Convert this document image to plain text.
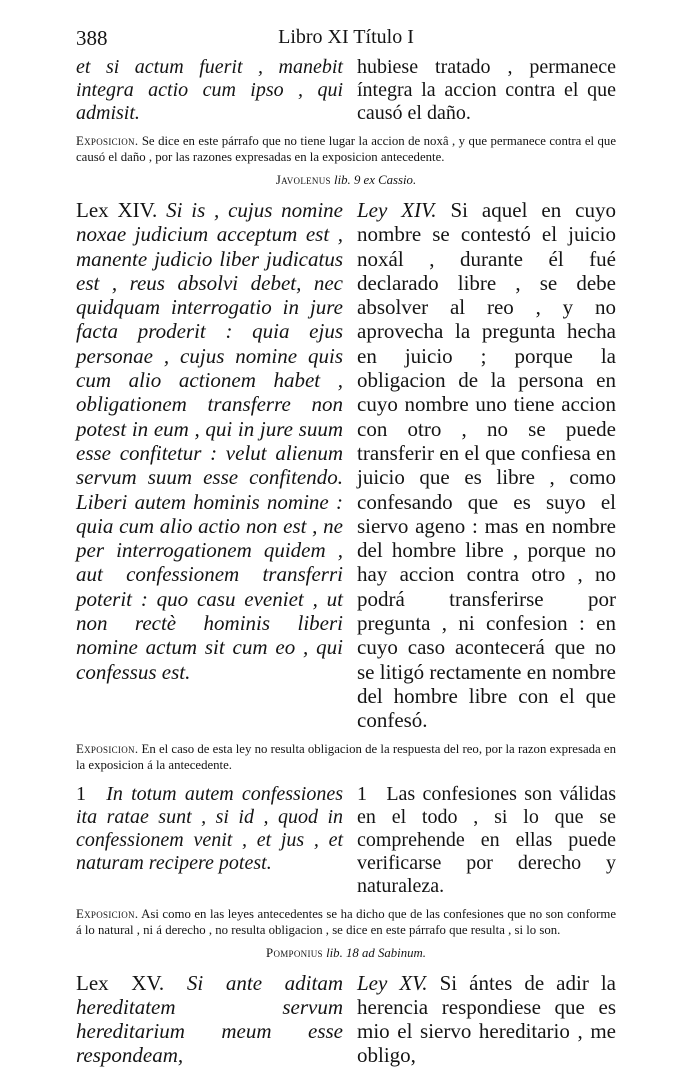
388	Libro XI Título I
et si actum fuerit , manebit integra actio cum ipso , qui admisit.
hubiese tratado , permanece íntegra la accion contra el que causó el daño.
Exposicion. Se dice en este párrafo que no tiene lugar la accion de noxâ , y que permanece contra el que causó el daño , por las razones expresadas en la exposicion antecedente.
Javolenus lib. 9 ex Cassio.
Lex XIV. Si is , cujus nomine noxae judicium acceptum est , manente judicio liber judicatus est , reus absolvi debet, nec quidquam interrogatio in jure facta proderit : quia ejus personae , cujus nomine quis cum alio actionem habet , obligationem transferre non potest in eum , qui in jure suum esse confitetur : velut alienum servum suum esse confitendo. Liberi autem hominis nomine : quia cum alio actio non est , ne per interrogationem quidem , aut confessionem transferri poterit : quo casu eveniet , ut non rectè hominis liberi nomine actum sit cum eo , qui confessus est.
Ley XIV. Si aquel en cuyo nombre se contestó el juicio noxál , durante él fué declarado libre , se debe absolver al reo , y no aprovecha la pregunta hecha en juicio ; porque la obligacion de la persona en cuyo nombre uno tiene accion con otro , no se puede transferir en el que confiesa en juicio que es libre , como confesando que es suyo el siervo ageno : mas en nombre del hombre libre , porque no hay accion contra otro , no podrá transferirse por pregunta , ni confesion : en cuyo caso acontecerá que no se litigó rectamente en nombre del hombre libre con el que confesó.
Exposicion. En el caso de esta ley no resulta obligacion de la respuesta del reo, por la razon expresada en la exposicion á la antecedente.
1 In totum autem confessiones ita ratae sunt , si id , quod in confessionem venit , et jus , et naturam recipere potest.
1 Las confesiones son válidas en el todo , si lo que se comprehende en ellas puede verificarse por derecho y naturaleza.
Exposicion. Asi como en las leyes antecedentes se ha dicho que de las confesiones que no son conforme á lo natural , ni á derecho , no resulta obligacion , se dice en este párrafo que resulta , si lo son.
Pomponius lib. 18 ad Sabinum.
Lex XV. Si ante aditam hereditatem servum hereditarium meum esse respondeam,
Ley XV. Si ántes de adir la herencia respondiese que es mio el siervo hereditario , me obligo,
